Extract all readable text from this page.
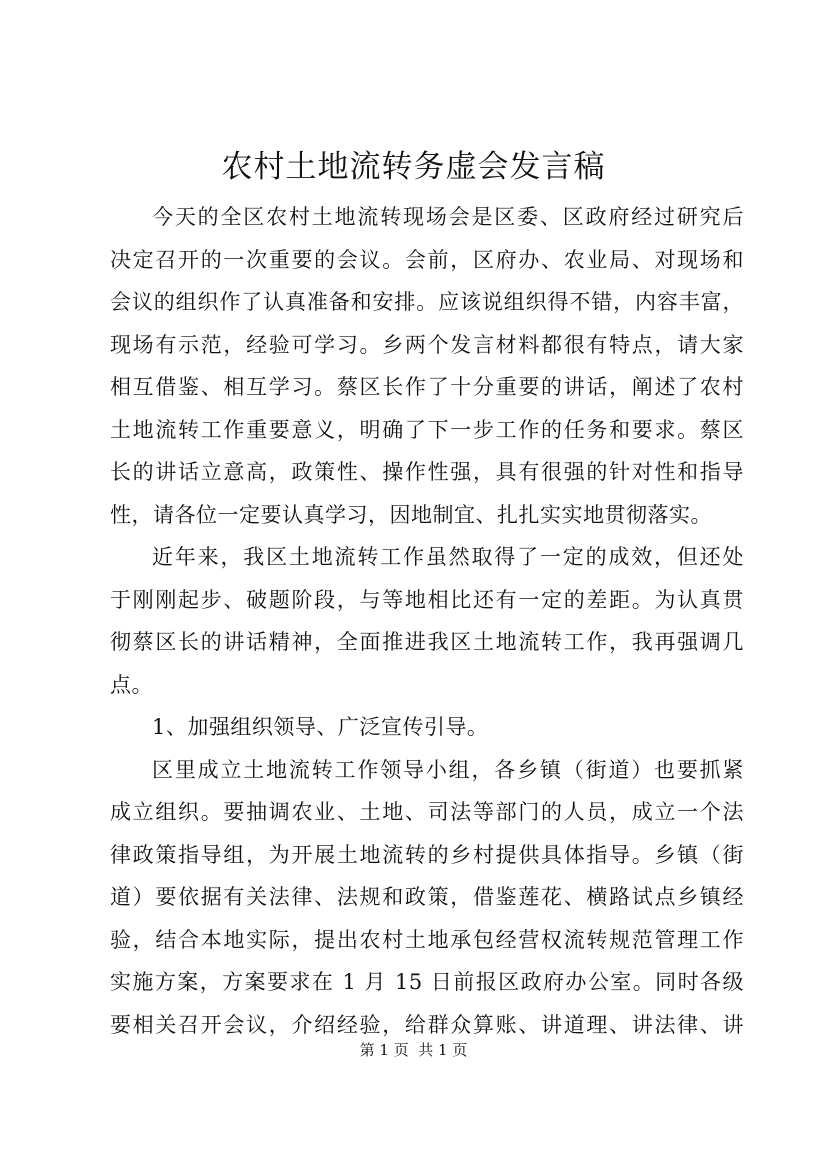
农村土地流转务虚会发言稿
今天的全区农村土地流转现场会是区委、区政府经过研究后
决定召开的一次重要的会议。会前，区府办、农业局、对现场和
会议的组织作了认真准备和安排。应该说组织得不错，内容丰富，
现场有示范，经验可学习。乡两个发言材料都很有特点，请大家
相互借鉴、相互学习。蔡区长作了十分重要的讲话，阐述了农村
土地流转工作重要意义，明确了下一步工作的任务和要求。蔡区
长的讲话立意高，政策性、操作性强，具有很强的针对性和指导
性，请各位一定要认真学习，因地制宜、扎扎实实地贯彻落实。
近年来，我区土地流转工作虽然取得了一定的成效，但还处
于刚刚起步、破题阶段，与等地相比还有一定的差距。为认真贯
彻蔡区长的讲话精神，全面推进我区土地流转工作，我再强调几
点。
1、加强组织领导、广泛宣传引导。
区里成立土地流转工作领导小组，各乡镇（街道）也要抓紧
成立组织。要抽调农业、土地、司法等部门的人员，成立一个法
律政策指导组，为开展土地流转的乡村提供具体指导。乡镇（街
道）要依据有关法律、法规和政策，借鉴莲花、横路试点乡镇经
验，结合本地实际，提出农村土地承包经营权流转规范管理工作
实施方案，方案要求在 1 月 15 日前报区政府办公室。同时各级
要相关召开会议，介绍经验，给群众算账、讲道理、讲法律、讲
第 1 页  共 1 页
